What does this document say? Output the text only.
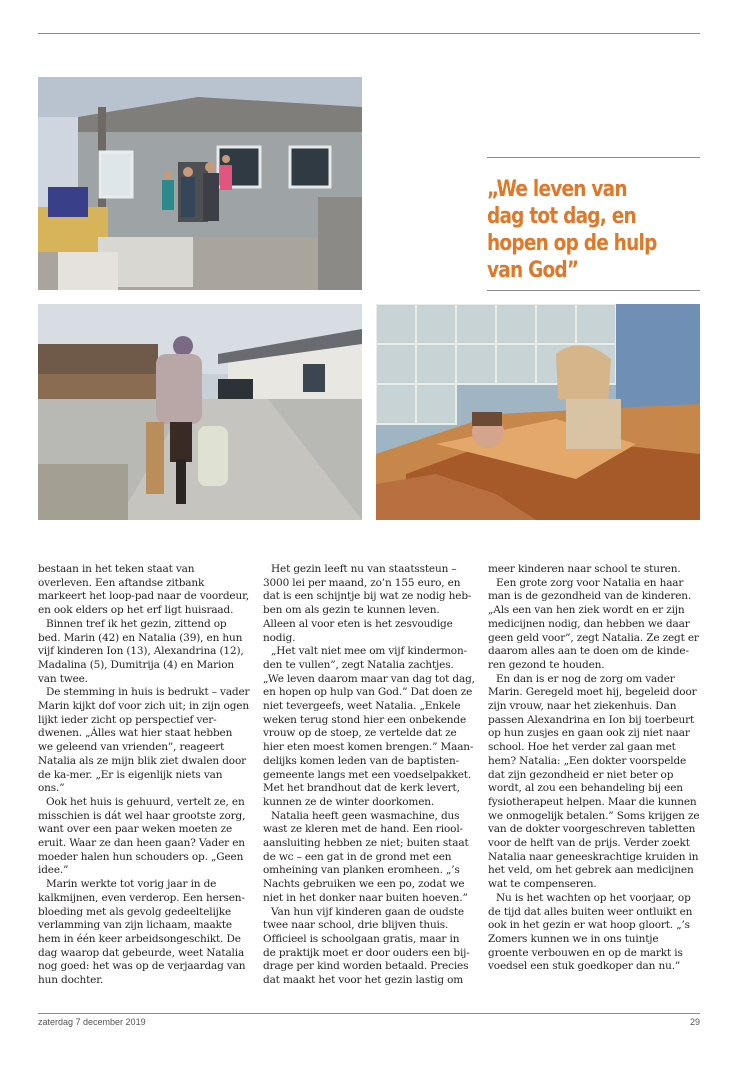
„We leven van dag tot dag, en hopen op de hulp van God”

bestaan in het teken staat van overleven. Een aftandse zitbank markeert het loop-pad naar de voordeur, en ook elders op het erf ligt huisraad.

Binnen tref ik het gezin, zittend op bed. Marin (42) en Natalia (39), en hun vijf kinderen Ion (13), Alexandrina (12), Madalina (5), Dumitrija (4) en Marion van twee.

De stemming in huis is bedrukt – vader Marin kijkt dof voor zich uit; in zijn ogen lijkt ieder zicht op perspectief ver-dwenen. „Álles wat hier staat hebben we geleend van vrienden”, reageert Natalia als ze mijn blik ziet dwalen door de ka-mer. „Er is eigenlijk niets van ons.”

Ook het huis is gehuurd, vertelt ze, en misschien is dát wel haar grootste zorg, want over een paar weken moeten ze eruit. Waar ze dan heen gaan? Vader en moeder halen hun schouders op. „Geen idee.”

Marin werkte tot vorig jaar in de kalkmijnen, even verderop. Een hersen-bloeding met als gevolg gedeeltelijke verlamming van zijn lichaam, maakte hem in één keer arbeidsongeschikt. De dag waarop dat gebeurde, weet Natalia nog goed: het was op de verjaardag van hun dochter.

Het gezin leeft nu van staatssteun – 3000 lei per maand, zo’n 155 euro, en dat is een schijntje bij wat ze nodig heb-ben om als gezin te kunnen leven. Alleen al voor eten is het zesvoudige nodig.

„Het valt niet mee om vijf kindermon-den te vullen”, zegt Natalia zachtjes. „We leven daarom maar van dag tot dag, en hopen op hulp van God.” Dat doen ze niet tevergeefs, weet Natalia. „Enkele weken terug stond hier een onbekende vrouw op de stoep, ze vertelde dat ze hier eten moest komen brengen.” Maan-delijks komen leden van de baptisten-gemeente langs met een voedselpakket. Met het brandhout dat de kerk levert, kunnen ze de winter doorkomen.

Natalia heeft geen wasmachine, dus wast ze kleren met de hand. Een riool-aansluiting hebben ze niet; buiten staat de wc – een gat in de grond met een omheining van planken eromheen. „’s Nachts gebruiken we een po, zodat we niet in het donker naar buiten hoeven.”

Van hun vijf kinderen gaan de oudste twee naar school, drie blijven thuis. Officieel is schoolgaan gratis, maar in de praktijk moet er door ouders een bij-drage per kind worden betaald. Precies dat maakt het voor het gezin lastig om

meer kinderen naar school te sturen.

Een grote zorg voor Natalia en haar man is de gezondheid van de kinderen. „Als een van hen ziek wordt en er zijn medicijnen nodig, dan hebben we daar geen geld voor”, zegt Natalia. Ze zegt er daarom alles aan te doen om de kinde-ren gezond te houden.

En dan is er nog de zorg om vader Marin. Geregeld moet hij, begeleid door zijn vrouw, naar het ziekenhuis. Dan passen Alexandrina en Ion bij toerbeurt op hun zusjes en gaan ook zij niet naar school. Hoe het verder zal gaan met hem? Natalia: „Een dokter voorspelde dat zijn gezondheid er niet beter op wordt, al zou een behandeling bij een fysiotherapeut helpen. Maar die kunnen we onmogelijk betalen.” Soms krijgen ze van de dokter voorgeschreven tabletten voor de helft van de prijs. Verder zoekt Natalia naar geneeskrachtige kruiden in het veld, om het gebrek aan medicijnen wat te compenseren.

Nu is het wachten op het voorjaar, op de tijd dat alles buiten weer ontluikt en ook in het gezin er wat hoop gloort. „’s Zomers kunnen we in ons tuintje groente verbouwen en op de markt is voedsel een stuk goedkoper dan nu.”

zaterdag 7 december 2019	29
